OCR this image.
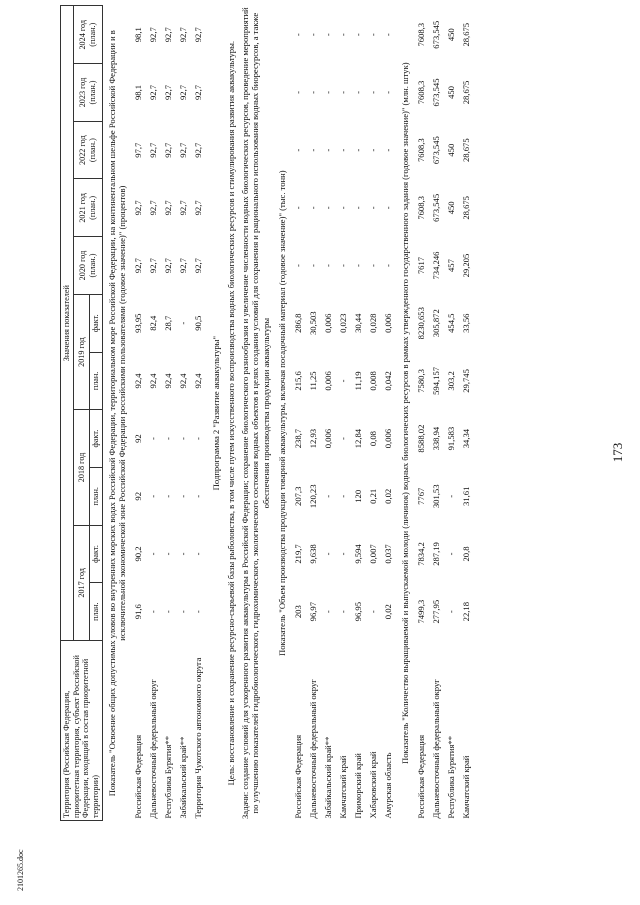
173
2101265.doc
Территория (Российская Федерация, приоритетная территория, субъект Российской Федерации, входящий в состав приоритетной территории)	Значения показателей										
	2017 год		2018 год		2019 год		2020 год (план.)	2021 год (план.)	2022 год (план.)	2023 год (план.)	2024 год (план.)
	план.	факт.	план.	факт.	план.	факт.					
Показатель "Освоение общих допустимых уловов во внутренних морских водах Российской Федерации, территориальном море Российской Федерации, на континентальном шельфе Российской Федерации и в исключительной экономической зоне Российской Федерации российскими пользователями (годовое значение)" (процентов)											
Российская Федерация	91,6	90,2	92	92	92,4	93,95	92,7	92,7	97,7	98,1	98,1
Дальневосточный федеральный округ	-	-	-	-	92,4	82,4	92,7	92,7	92,7	92,7	92,7
Республика Бурятия**	-	-	-	-	92,4	28,7	92,7	92,7	92,7	92,7	92,7
Забайкальский край**	-	-	-	-	92,4	-	92,7	92,7	92,7	92,7	92,7
Территория Чукотского автономного округа	-	-	-	-	92,4	90,5	92,7	92,7	92,7	92,7	92,7
Подпрограмма 2 "Развитие аквакультуры"											
Цель: восстановление и сохранение ресурсно-сырьевой базы рыболовства, в том числе путем искусственного воспроизводства водных биологических ресурсов и стимулирования развития аквакультуры.											
Задачи: создание условий для ускоренного развития аквакультуры в Российской Федерации; сохранение биологического разнообразия и увеличение численности водных биологических ресурсов, проведение мероприятий по улучшению показателей гидробиологического, гидрохимического, экологического состояния водных объектов в целях создания условий для сохранения и рационального использования водных биоресурсов, а также обеспечения производства продукции аквакультуры											
Показатель "Объем производства продукции товарной аквакультуры, включая посадочный материал (годовое значение)" (тыс. тонн)											
Российская Федерация	203	219,7	207,3	238,7	215,6	286,8	-	-	-	-	-
Дальневосточный федеральный округ	96,97	9,638	120,23	12,93	11,25	30,503	-	-	-	-	-
Забайкальский край**	-	-	-	0,006	0,006	0,006	-	-	-	-	-
Камчатский край	-	-	-	-	-	0,023	-	-	-	-	-
Приморский край	96,95	9,594	120	12,84	11,19	30,44	-	-	-	-	-
Хабаровский край	-	0,007	0,21	0,08	0,008	0,028	-	-	-	-	-
Амурская область	0,02	0,037	0,02	0,006	0,042	0,006	-	-	-	-	-
Показатель "Количество выращиваемой и выпускаемой молоди (личинок) водных биологических ресурсов в рамках утвержденного государственного задания (годовое значение)" (млн. штук)											
Российская Федерация	7499,3	7834,2	7767	8588,02	7580,3	8230,653	7617	7608,3	7608,3	7608,3	7608,3
Дальневосточный федеральный округ	277,95	287,19	301,53	338,94	594,157	305,872	734,246	673,545	673,545	673,545	673,545
Республика Бурятия**	-	-	-	91,583	303,2	454,5	457	450	450	450	450
Камчатский край	22,18	20,8	31,61	34,34	29,745	33,56	29,205	28,675	28,675	28,675	28,675
